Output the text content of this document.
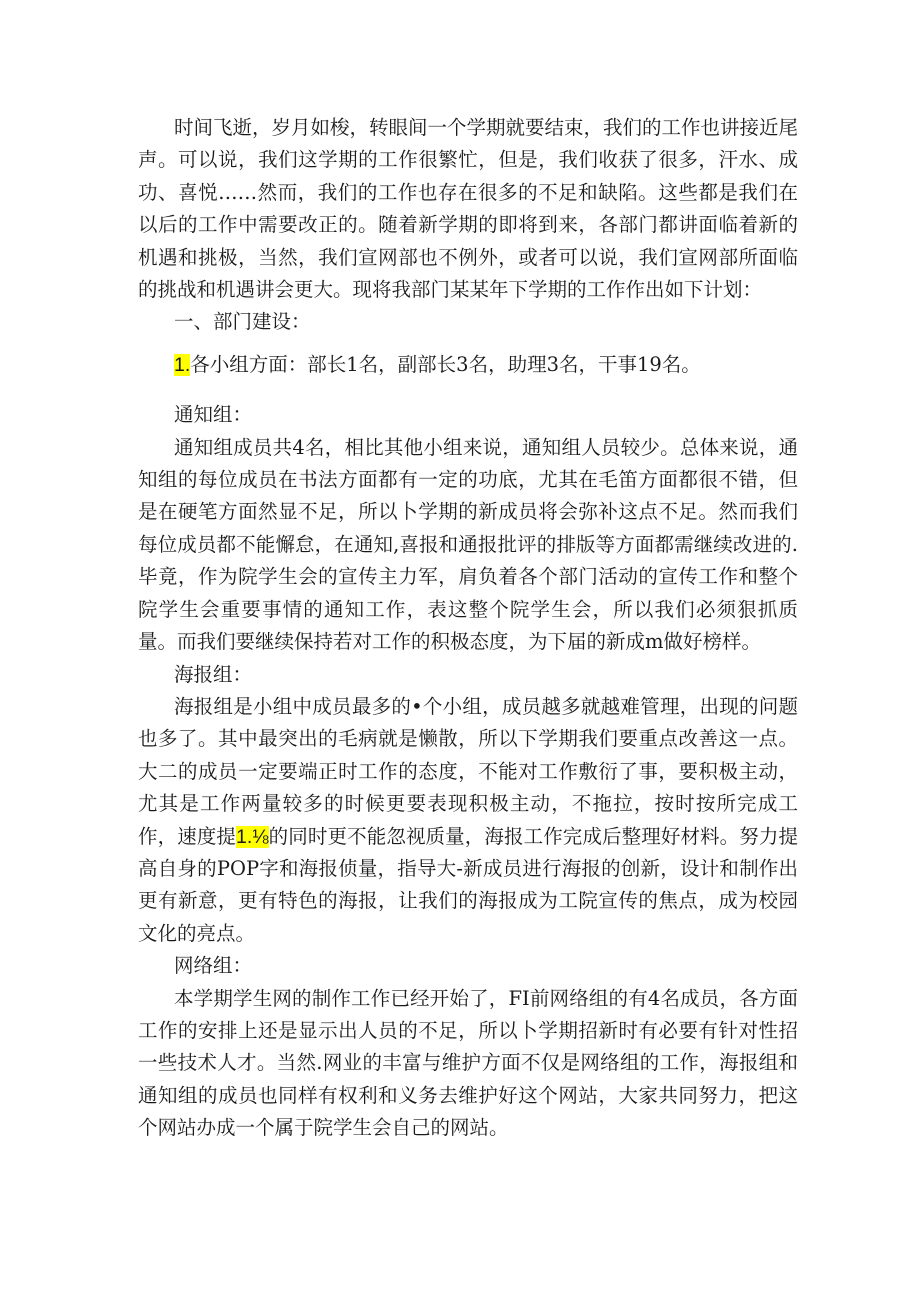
时间飞逝，岁月如梭，转眼间一个学期就要结束，我们的工作也讲接近尾声。可以说，我们这学期的工作很繁忙，但是，我们收获了很多，汗水、成功、喜悦……然而，我们的工作也存在很多的不足和缺陷。这些都是我们在以后的工作中需要改正的。随着新学期的即将到来，各部门都讲面临着新的机遇和挑极，当然，我们宣网部也不例外，或者可以说，我们宣网部所面临的挑战和机遇讲会更大。现将我部门某某年下学期的工作作出如下计划：

一、部门建设：

1.各小组方面：部长1名，副部长3名，助理3名，干事19名。

通知组：

通知组成员共4名，相比其他小组来说，通知组人员较少。总体来说，通知组的每位成员在书法方面都有一定的功底，尤其在毛笛方面都很不错，但是在硬笔方面然显不足，所以卜学期的新成员将会弥补这点不足。然而我们每位成员都不能懈怠，在通知,喜报和通报批评的排版等方面都需继续改进的.毕竟，作为院学生会的宣传主力军，肩负着各个部门活动的宣传工作和整个院学生会重要事情的通知工作，表这整个院学生会，所以我们必须狠抓质量。而我们要继续保持若对工作的积极态度，为下届的新成m做好榜样。

海报组：

海报组是小组中成员最多的•个小组，成员越多就越难管理，出现的问题也多了。其中最突出的毛病就是懒散，所以下学期我们要重点改善这一点。大二的成员一定要端正时工作的态度，不能对工作敷衍了事，要积极主动，尤其是工作两量较多的时候更要表现积极主动，不拖拉，按时按所完成工作，速度提1.⅛的同时更不能忽视质量，海报工作完成后整理好材料。努力提高自身的POP字和海报侦量，指导大-新成员进行海报的创新，设计和制作出更有新意，更有特色的海报，让我们的海报成为工院宣传的焦点，成为校园文化的亮点。

网络组：

本学期学生网的制作工作已经开始了，FI前网络组的有4名成员，各方面工作的安排上还是显示出人员的不足，所以卜学期招新时有必要有针对性招一些技术人才。当然.网业的丰富与维护方面不仅是网络组的工作，海报组和通知组的成员也同样有权利和义务去维护好这个网站，大家共同努力，把这个网站办成一个属于院学生会自己的网站。
